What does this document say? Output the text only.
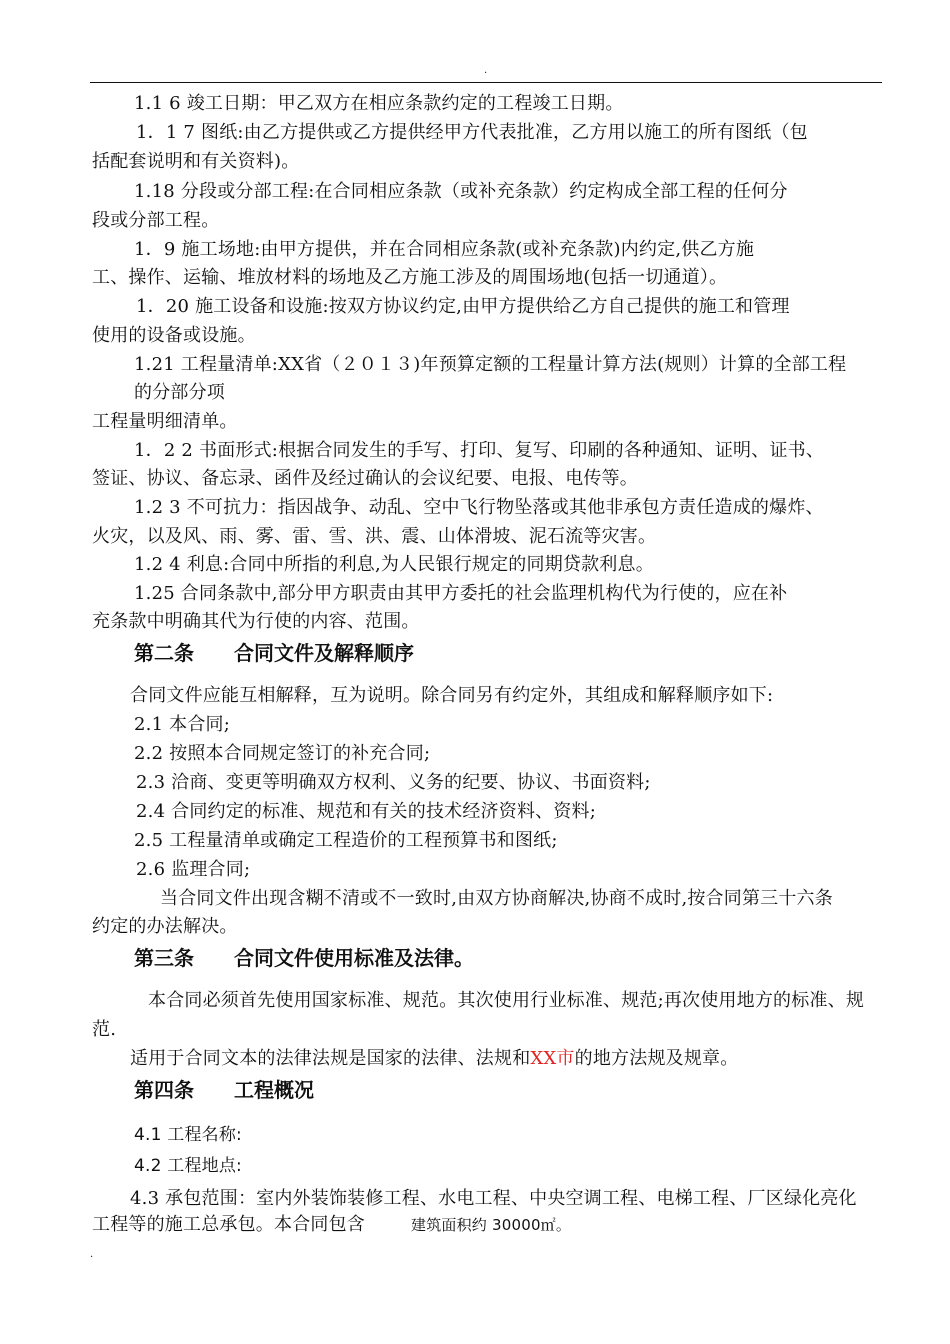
.
1.1 6 竣工日期：甲乙双方在相应条款约定的工程竣工日期。
1．1 7 图纸:由乙方提供或乙方提供经甲方代表批准，乙方用以施工的所有图纸（包
括配套说明和有关资料)。
1.18 分段或分部工程:在合同相应条款（或补充条款）约定构成全部工程的任何分
段或分部工程。
1．9 施工场地:由甲方提供，并在合同相应条款(或补充条款)内约定,供乙方施
工、操作、运输、堆放材料的场地及乙方施工涉及的周围场地(包括一切通道）。
1．20 施工设备和设施:按双方协议约定,由甲方提供给乙方自己提供的施工和管理
使用的设备或设施。
1.21 工程量清单:XX省（２０１３)年预算定额的工程量计算方法(规则）计算的全部工程
的分部分项
工程量明细清单。
1．2 2 书面形式:根据合同发生的手写、打印、复写、印刷的各种通知、证明、证书、
签证、协议、备忘录、函件及经过确认的会议纪要、电报、电传等。
1.2 3 不可抗力：指因战争、动乱、空中飞行物坠落或其他非承包方责任造成的爆炸、
火灾，以及风、雨、雾、雷、雪、洪、震、山体滑坡、泥石流等灾害。
1.2 4 利息:合同中所指的利息,为人民银行规定的同期贷款利息。
1.25 合同条款中,部分甲方职责由其甲方委托的社会监理机构代为行使的，应在补
充条款中明确其代为行使的内容、范围。
第二条 合同文件及解释顺序
合同文件应能互相解释，互为说明。除合同另有约定外，其组成和解释顺序如下:
2.1 本合同;
2.2 按照本合同规定签订的补充合同;
2.3 洽商、变更等明确双方权利、义务的纪要、协议、书面资料;
2.4 合同约定的标准、规范和有关的技术经济资料、资料;
2.5 工程量清单或确定工程造价的工程预算书和图纸;
2.6 监理合同;
当合同文件出现含糊不清或不一致时,由双方协商解决,协商不成时,按合同第三十六条
约定的办法解决。
第三条 合同文件使用标准及法律。
本合同必须首先使用国家标准、规范。其次使用行业标准、规范;再次使用地方的标准、规
范.
适用于合同文本的法律法规是国家的法律、法规和XX市的地方法规及规章。
第四条 工程概况
4.1 工程名称:
4.2 工程地点:
4.3 承包范围：室内外装饰装修工程、水电工程、中央空调工程、电梯工程、厂区绿化亮化
工程等的施工总承包。本合同包含	建筑面积约 30000㎡。
.
